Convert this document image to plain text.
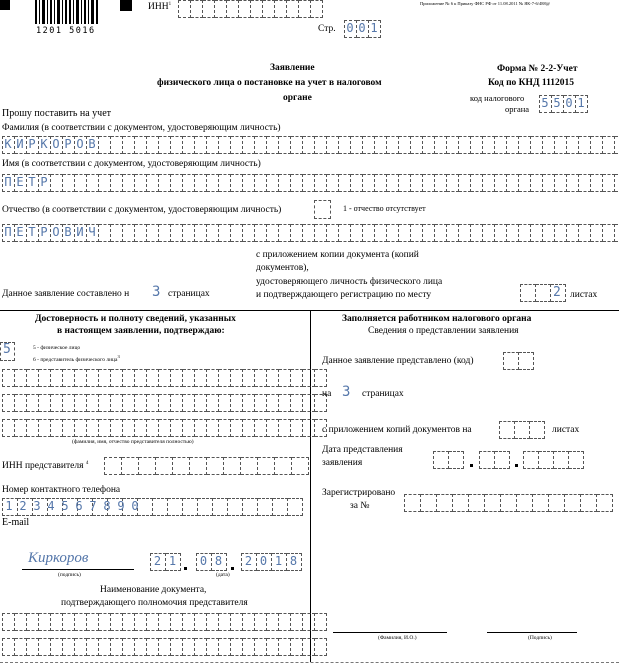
1201 5016
ИНН$^1$	Приложение № 6 к Приказу ФНС РФ от 11.08.2011 № ЯК-7-6/488@
Стр. 0 0 1
Заявление
физического лица о постановке на учет в налоговом
органе
Форма № 2-2-Учет
Код по КНД 1112015
код налогового
органа 5 5 0 1
Прошу поставить на учет
Фамилия (в соответствии с документом, удостоверяющим личность)
К И Р К О Р О В
Имя (в соответствии с документом, удостоверяющим личность)
П Е Т Р
Отчество (в соответствии с документом, удостоверяющим личность)	1 - отчество отсутствует
П Е Т Р О В И Ч
с приложением копии документа (копий
документов),
удостоверяющего личность физического лица
и подтверждающего регистрацию по месту
Данное заявление составлено н 3 страницах	2 листах
Достоверность и полноту сведений, указанных
в настоящем заявлении, подтверждаю:
5	5 - физическое лицо
6 - представитель физического лица$^3$
(фамилия, имя, отчество представителя полностью)
ИНН представителя $^4$
Номер контактного телефона
1 2 3 4 5 6 7 8 9 0
E-mail
Киркоров
(подпись)
2 1	0 8	2 0 1 8
(дата)
Наименование документа,
подтверждающего полномочия представителя
Заполняется работником налогового органа
Сведения о представлении заявления
Данное заявление представлено (код)
на 3 страницах
с приложением копий документов на	листах
Дата представления
заявления
Зарегистрировано
за №
(Фамилия, И.О.)	(Подпись)
